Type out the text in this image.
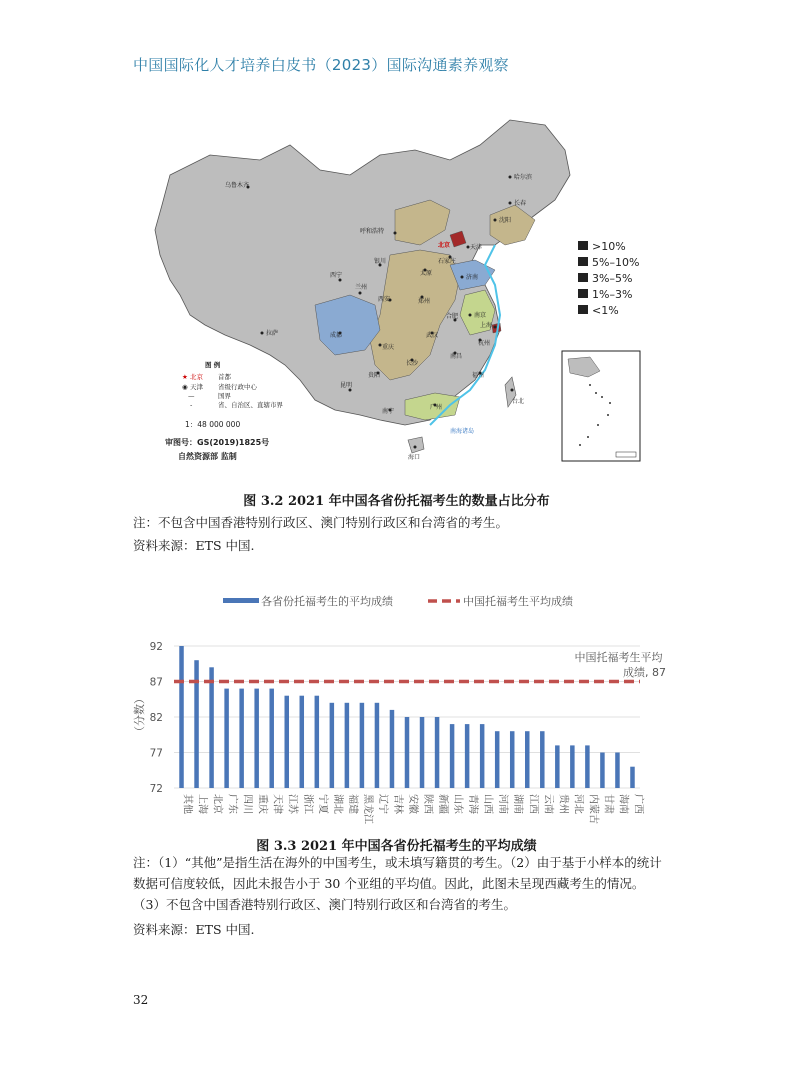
中国国际化人才培养白皮书（2023）国际沟通素养观察
哈尔滨
长春
乌鲁木齐
沈阳
呼和浩特
北京	天津
石家庄
银川
太原
济南
西宁
兰州
郑州
西安
南京
合肥
上海
拉萨	成都	武汉
杭州
重庆
长沙
南昌
贵阳	福州
台北
昆明
南宁
广州
海口
南海诸岛
图 例
★ 北京 首都
◉ 天津 省级行政中心
—	国界
-	省、自治区、直辖市界
1：48 000 000
审图号：GS(2019)1825号
自然资源部 监制
>10%
5%–10%
3%–5%
1%–3%
<1%
图 3.2 2021 年中国各省份托福考生的数量占比分布
注：不包含中国香港特别行政区、澳门特别行政区和台湾省的考生。
资料来源：ETS 中国.
各省份托福考生的平均成绩	中国托福考生平均成绩
（分数）
92
87
82
77
72
其他 上海 北京 广东 四川 重庆 天津 江苏 浙江 宁夏 湖北 福建 黑龙江 辽宁 吉林 安徽 陕西 新疆 山东 青海 山西 河南 湖南 江西 云南 贵州 河北 内蒙古 甘肃 海南 广西
中国托福考生平均 成绩, 87
图 3.3 2021 年中国各省份托福考生的平均成绩
注：（1）“其他”是指生活在海外的中国考生，或未填写籍贯的考生。（2）由于基于小样本的统计数据可信度较低，因此未报告小于 30 个亚组的平均值。因此，此图未呈现西藏考生的情况。（3）不包含中国香港特别行政区、澳门特别行政区和台湾省的考生。
资料来源：ETS 中国.
32
